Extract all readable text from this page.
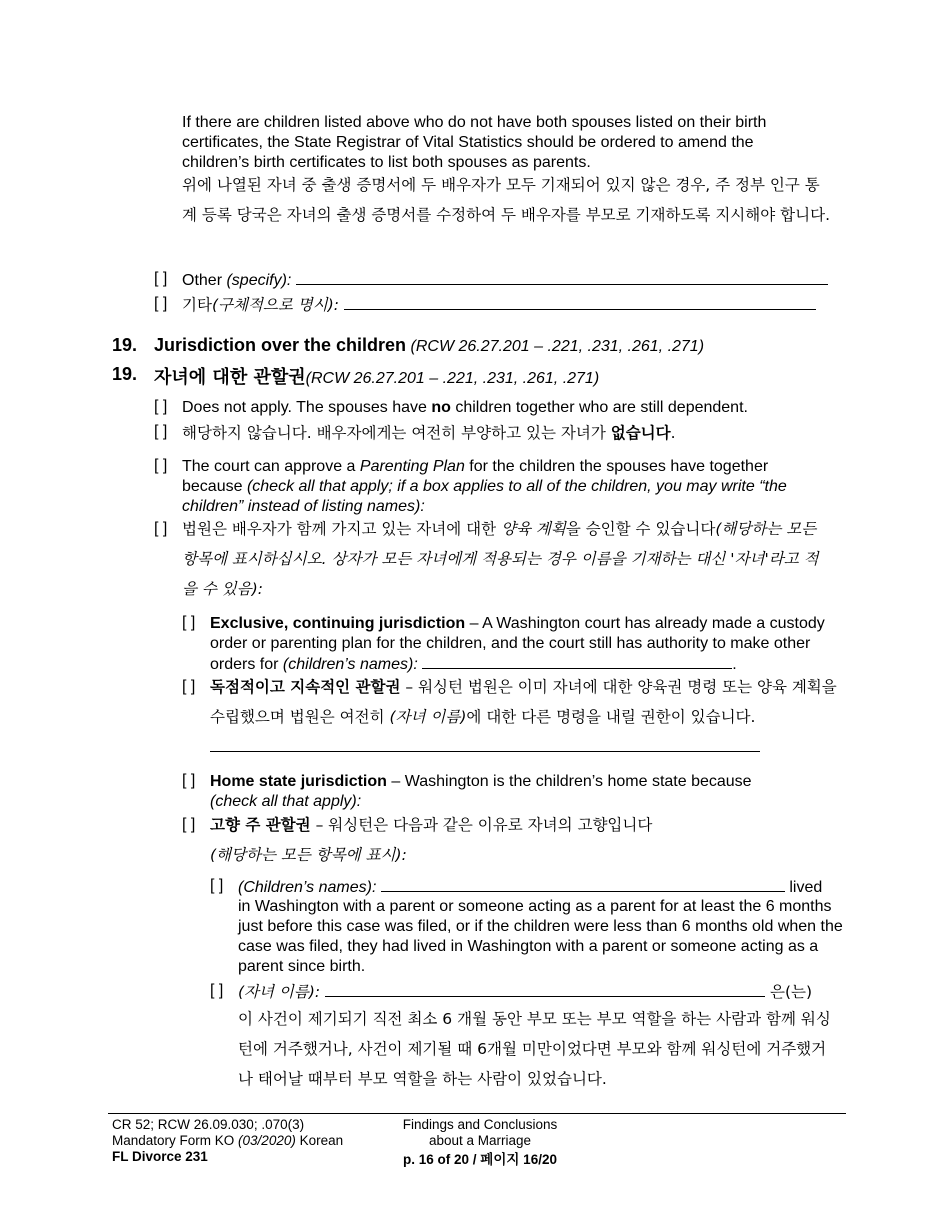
If there are children listed above who do not have both spouses listed on their birth certificates, the State Registrar of Vital Statistics should be ordered to amend the children’s birth certificates to list both spouses as parents.
위에 나열된 자녀 중 출생 증명서에 두 배우자가 모두 기재되어 있지 않은 경우, 주 정부 인구 통계 등록 당국은 자녀의 출생 증명서를 수정하여 두 배우자를 부모로 기재하도록 지시해야 합니다.
[ ] Other (specify):
[ ] 기타(구체적으로 명시):
19. Jurisdiction over the children (RCW 26.27.201 – .221, .231, .261, .271)
19. 자녀에 대한 관할권(RCW 26.27.201 – .221, .231, .261, .271)
[ ] Does not apply. The spouses have no children together who are still dependent.
[ ] 해당하지 않습니다. 배우자에게는 여전히 부양하고 있는 자녀가 없습니다.
[ ] The court can approve a Parenting Plan for the children the spouses have together because (check all that apply; if a box applies to all of the children, you may write “the children” instead of listing names):
[ ] 법원은 배우자가 함께 가지고 있는 자녀에 대한 양육 계획을 승인할 수 있습니다(해당하는 모든 항목에 표시하십시오. 상자가 모든 자녀에게 적용되는 경우 이름을 기재하는 대신 '자녀'라고 적을 수 있음):
[ ] Exclusive, continuing jurisdiction – A Washington court has already made a custody order or parenting plan for the children, and the court still has authority to make other orders for (children’s names):	.
[ ] 독점적이고 지속적인 관할권 – 워싱턴 법원은 이미 자녀에 대한 양육권 명령 또는 양육 계획을 수립했으며 법원은 여전히 (자녀 이름)에 대한 다른 명령을 내릴 권한이 있습니다.
[ ] Home state jurisdiction – Washington is the children’s home state because
(check all that apply):
[ ] 고향 주 관할권 – 워싱턴은 다음과 같은 이유로 자녀의 고향입니다
(해당하는 모든 항목에 표시):
[ ] (Children’s names):	lived
in Washington with a parent or someone acting as a parent for at least the 6 months just before this case was filed, or if the children were less than 6 months old when the case was filed, they had lived in Washington with a parent or someone acting as a parent since birth.
[ ] (자녀 이름):	은(는)
이 사건이 제기되기 직전 최소 6 개월 동안 부모 또는 부모 역할을 하는 사람과 함께 워싱턴에 거주했거나, 사건이 제기될 때 6개월 미만이었다면 부모와 함께 워싱턴에 거주했거나 태어날 때부터 부모 역할을 하는 사람이 있었습니다.
CR 52; RCW 26.09.030; .070(3)
Mandatory Form KO (03/2020) Korean
FL Divorce 231
Findings and Conclusions
about a Marriage
p. 16 of 20 / 페이지 16/20
